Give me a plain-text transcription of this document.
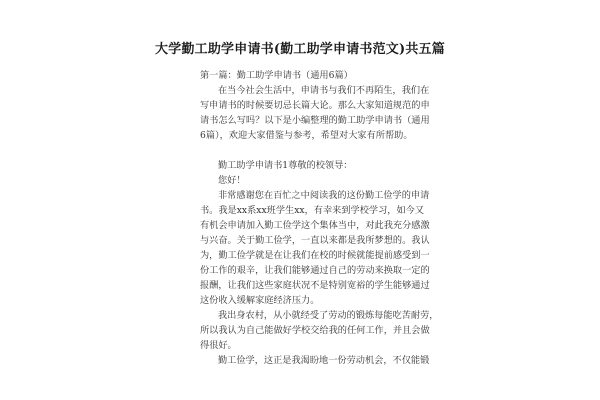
大学勤工助学申请书(勤工助学申请书范文)共五篇
第一篇：勤工助学申请书（通用6篇）
在当今社会生活中，申请书与我们不再陌生，我们在
写申请书的时候要切忌长篇大论。那么大家知道规范的申
请书怎么写吗？以下是小编整理的勤工助学申请书（通用
6篇），欢迎大家借鉴与参考，希望对大家有所帮助。
勤工助学申请书1尊敬的校领导：
您好！
非常感谢您在百忙之中阅读我的这份勤工俭学的申请
书。我是xx系xx班学生xx，有幸来到学校学习，如今又
有机会申请加入勤工俭学这个集体当中，对此我充分感激
与兴奋。关于勤工俭学，一直以来都是我所梦想的。我认
为，勤工俭学就是在让我们在校的时候就能提前感受到一
份工作的艰辛，让我们能够通过自己的劳动来换取一定的
报酬，让我们这些家庭状况不是特别宽裕的学生能够通过
这份收入缓解家庭经济压力。
我出身农村，从小就经受了劳动的锻炼每能吃苦耐劳，
所以我认为自己能做好学校交给我的任何工作，并且会做
得很好。
勤工俭学，这正是我渴盼地一份劳动机会，不仅能锻
